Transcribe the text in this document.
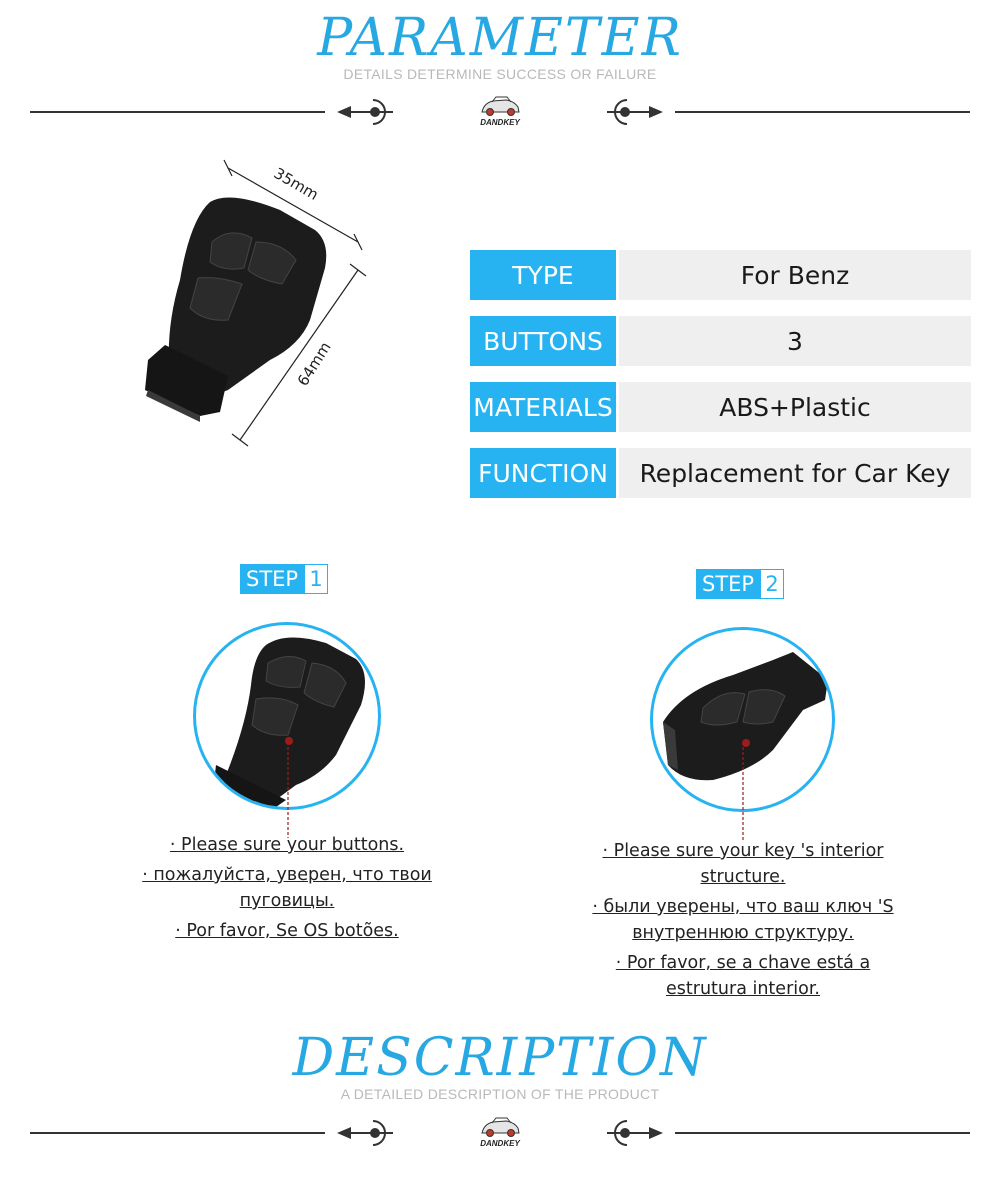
PARAMETER
DETAILS DETERMINE SUCCESS OR FAILURE
DANDKEY
35mm
64mm
TYPE	For Benz
BUTTONS	3
MATERIALS	ABS+Plastic
FUNCTION	Replacement for Car Key
STEP 1

· Please sure your buttons.

· пожалуйста, уверен, что твои пуговицы.

· Por favor, Se OS botões.

STEP 2

· Please sure your key 's interior structure.

· были уверены, что ваш ключ 'S внутреннюю структуру.

· Por favor, se a chave está a estrutura interior.

DESCRIPTION
A DETAILED DESCRIPTION OF THE PRODUCT
DANDKEY
